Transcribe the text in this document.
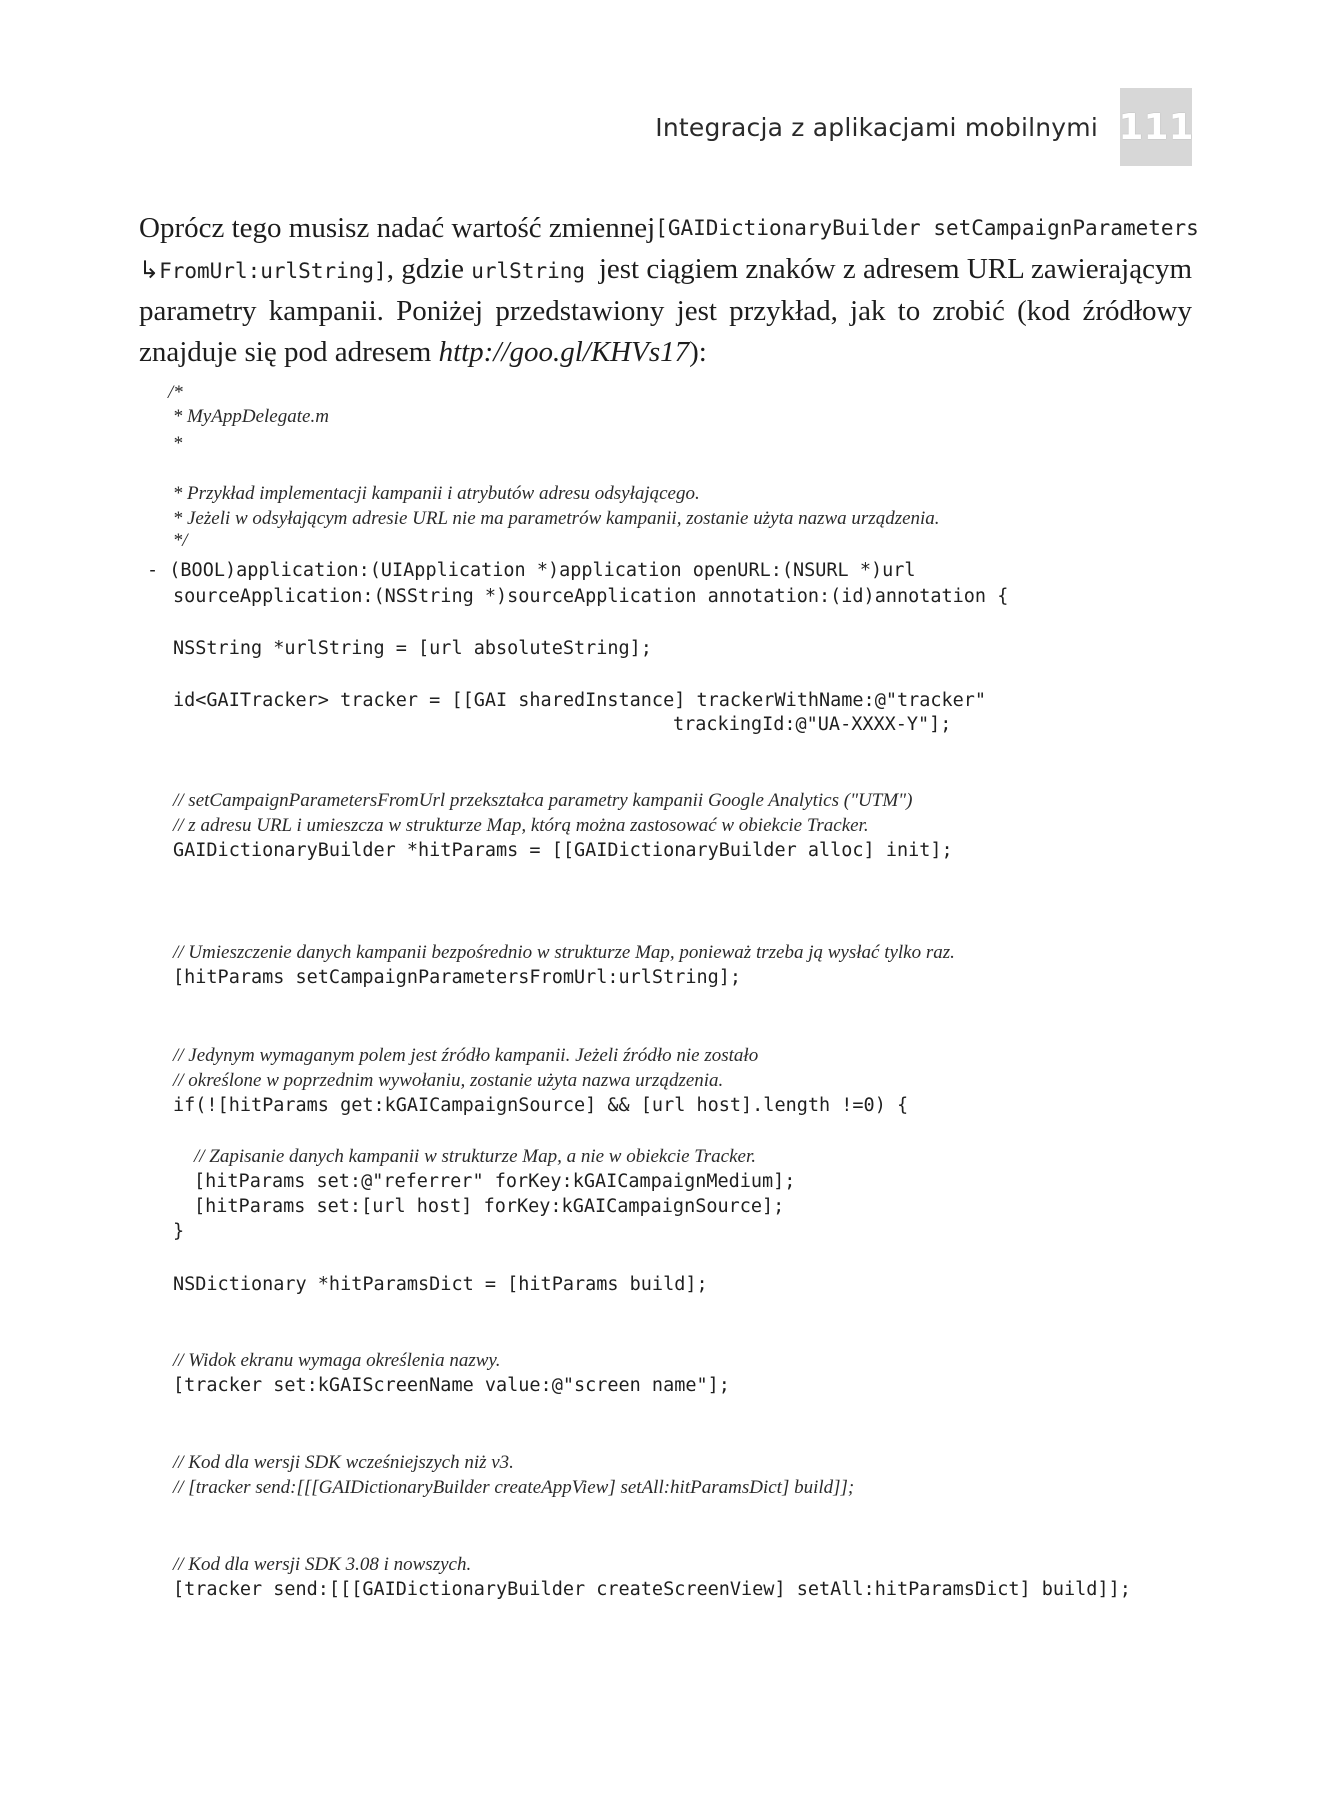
Integracja z aplikacjami mobilnymi 111
Oprócz tego musisz nadać wartość zmiennej [GAIDictionaryBuilder setCampaignParameters
↳FromUrl:urlString], gdzie urlString jest ciągiem znaków z adresem URL zawierającym
parametry kampanii. Poniżej przedstawiony jest przykład, jak to zrobić (kod źródłowy
znajduje się pod adresem http://goo.gl/KHVs17):
/*
* MyAppDelegate.m
*
* Przykład implementacji kampanii i atrybutów adresu odsyłającego.
* Jeżeli w odsyłającym adresie URL nie ma parametrów kampanii, zostanie użyta nazwa urządzenia.
*/
- (BOOL)application:(UIApplication *)application openURL:(NSURL *)url
sourceApplication:(NSString *)sourceApplication annotation:(id)annotation {
NSString *urlString = [url absoluteString];
id<GAITracker> tracker = [[GAI sharedInstance] trackerWithName:@"tracker"
trackingId:@"UA-XXXX-Y"];
// setCampaignParametersFromUrl przekształca parametry kampanii Google Analytics ("UTM")
// z adresu URL i umieszcza w strukturze Map, którą można zastosować w obiekcie Tracker.
GAIDictionaryBuilder *hitParams = [[GAIDictionaryBuilder alloc] init];
// Umieszczenie danych kampanii bezpośrednio w strukturze Map, ponieważ trzeba ją wysłać tylko raz.
[hitParams setCampaignParametersFromUrl:urlString];
// Jedynym wymaganym polem jest źródło kampanii. Jeżeli źródło nie zostało
// określone w poprzednim wywołaniu, zostanie użyta nazwa urządzenia.
if(![hitParams get:kGAICampaignSource] && [url host].length !=0) {
// Zapisanie danych kampanii w strukturze Map, a nie w obiekcie Tracker.
[hitParams set:@"referrer" forKey:kGAICampaignMedium];
[hitParams set:[url host] forKey:kGAICampaignSource];
}
NSDictionary *hitParamsDict = [hitParams build];
// Widok ekranu wymaga określenia nazwy.
[tracker set:kGAIScreenName value:@"screen name"];
// Kod dla wersji SDK wcześniejszych niż v3.
// [tracker send:[[[GAIDictionaryBuilder createAppView] setAll:hitParamsDict] build]];
// Kod dla wersji SDK 3.08 i nowszych.
[tracker send:[[[GAIDictionaryBuilder createScreenView] setAll:hitParamsDict] build]];
